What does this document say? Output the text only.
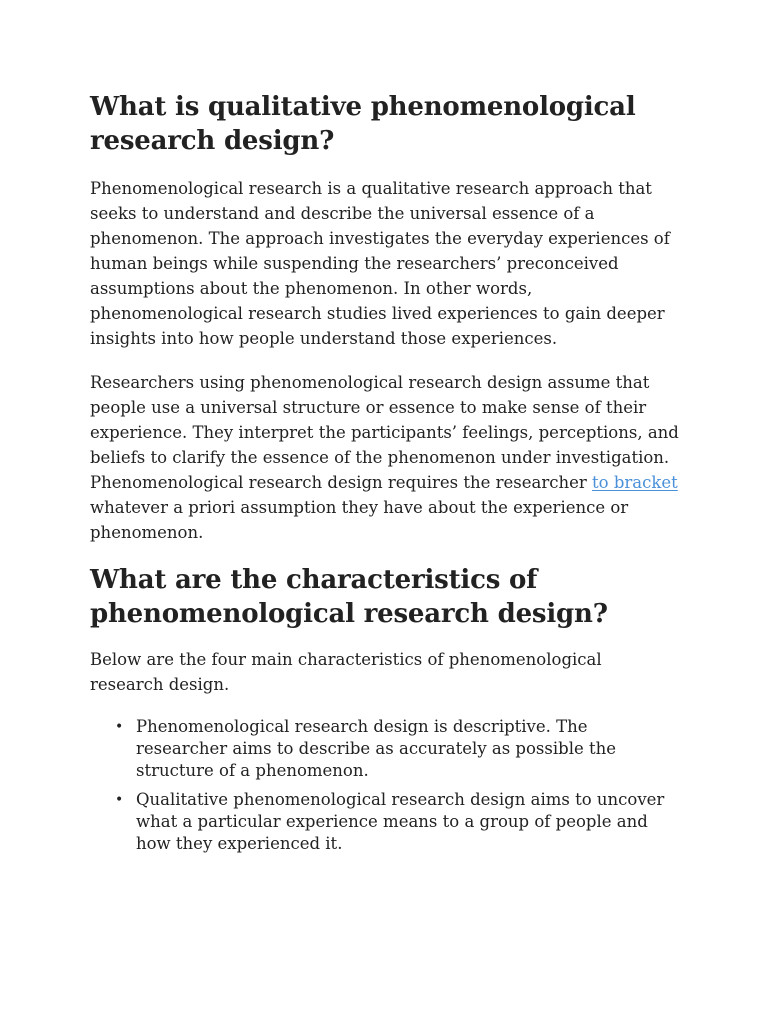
What is qualitative phenomenological research design?

Phenomenological research is a qualitative research approach that seeks to understand and describe the universal essence of a phenomenon. The approach investigates the everyday experiences of human beings while suspending the researchers’ preconceived assumptions about the phenomenon. In other words, phenomenological research studies lived experiences to gain deeper insights into how people understand those experiences.

Researchers using phenomenological research design assume that people use a universal structure or essence to make sense of their experience. They interpret the participants’ feelings, perceptions, and beliefs to clarify the essence of the phenomenon under investigation. Phenomenological research design requires the researcher to bracket whatever a priori assumption they have about the experience or phenomenon.

What are the characteristics of phenomenological research design?

Below are the four main characteristics of phenomenological research design.

• Phenomenological research design is descriptive. The researcher aims to describe as accurately as possible the structure of a phenomenon.
• Qualitative phenomenological research design aims to uncover what a particular experience means to a group of people and how they experienced it.
